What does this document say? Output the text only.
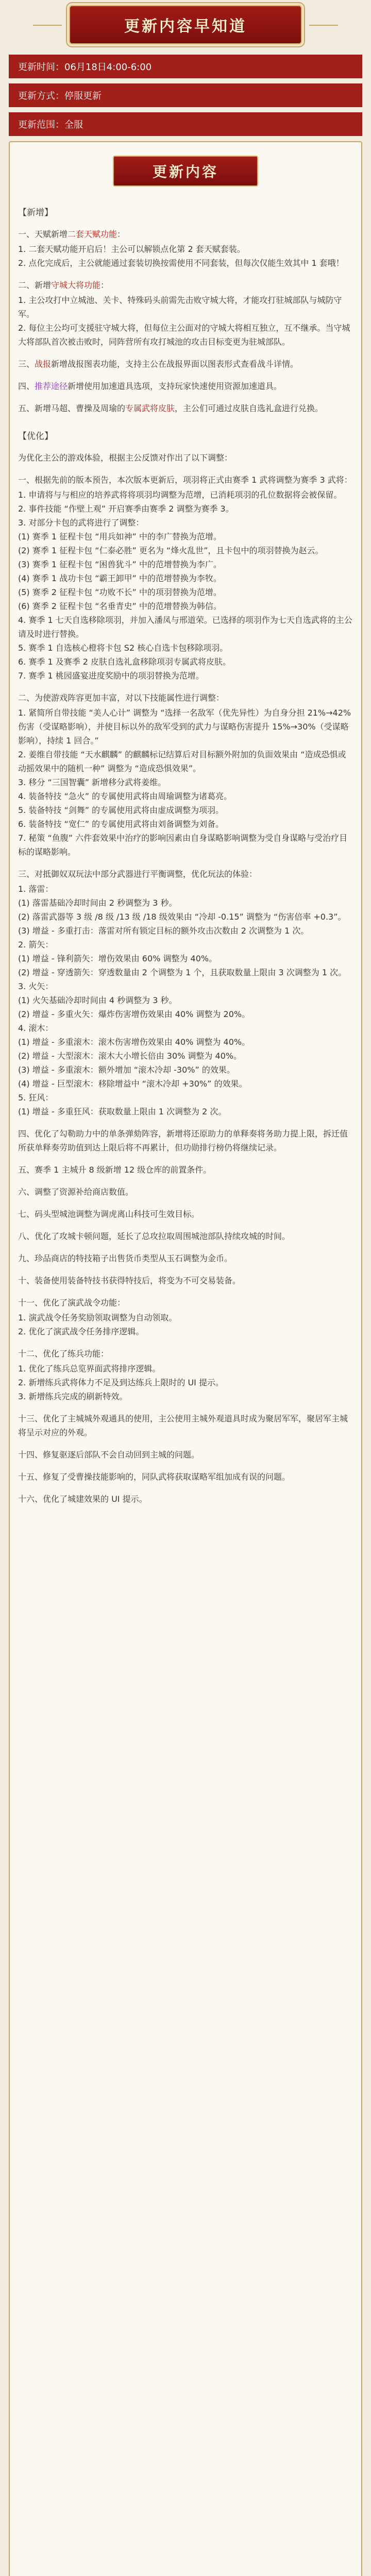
更新内容早知道
更新时间： 06月18日4:00-6:00
更新方式： 停服更新
更新范围： 全服
更新内容
【新增】
一、天赋新增二套天赋功能：

1. 二套天赋功能开启后！主公可以解锁点化第 2 套天赋套装。

2. 点化完成后，主公就能通过套装切换按需使用不同套装，但每次仅能生效其中 1 套哦！

二、新增守城大将功能：

1. 主公攻打中立城池、关卡、特殊码头前需先击败守城大将，才能攻打驻城部队与城防守军。

2. 每位主公均可支援驻守城大将，但每位主公面对的守城大将相互独立，互不继承。当守城大将部队首次被击败时，同阵营所有攻打城池的攻击目标变更为驻城部队。

三、战报新增战报图表功能，支持主公在战报界面以图表形式查看战斗详情。
四、推荐途径新增使用加速道具选项，支持玩家快速使用资源加速道具。
五、新增马超、曹操及周瑜的专属武将皮肤，主公们可通过皮肤自选礼盒进行兑换。
【优化】

为优化主公的游戏体验，根据主公反馈对作出了以下调整：

一、根据先前的版本预告，本次版本更新后，项羽将正式由赛季 1 武将调整为赛季 3 武将：

1. 申请将与与相应的培养武将将项羽均调整为范增，已消耗项羽的孔位数据将会被保留。

2. 事件技能 “作壁上观” 开启赛季由赛季 2 调整为赛季 3。

3. 对部分卡包的武将进行了调整：

(1) 赛季 1 征程卡包 “用兵如神” 中的李广替换为范增。

(2) 赛季 1 征程卡包 “仁泰必胜” 更名为 “烽火乱世”，且卡包中的项羽替换为赵云。

(3) 赛季 1 征程卡包 “困兽犹斗” 中的范增替换为李广。

(4) 赛季 1 战功卡包 “霸王卸甲” 中的范增替换为李牧。

(5) 赛季 2 征程卡包 “功败不长” 中的项羽替换为范增。

(6) 赛季 2 征程卡包 “名垂青史” 中的范增替换为韩信。

4. 赛季 1 七天自选移除项羽，并加入潘凤与邢道荣。已选择的项羽作为七天自选武将的主公请及时进行替换。

5. 赛季 1 自选核心橙将卡包 S2 核心自选卡包移除项羽。

6. 赛季 1 及赛季 2 皮肤自选礼盒移除项羽专属武将皮肤。

7. 赛季 1 桃园盛宴进度奖励中的项羽替换为范增。

二、为使游戏阵容更加丰富，对以下技能属性进行调整：

1. 紧简所自带技能 “美人心计” 调整为 “选择一名敌军（优先异性）为自身分担 21%→42% 伤害（受谋略影响），并使目标以外的敌军受到的武力与谋略伤害提升 15%→30%（受谋略影响），持续 1 回合。”

2. 姜维自带技能 “天水麒麟” 的麒麟标记结算后对目标额外附加的负面效果由 “造成恐惧或动摇效果中的随机一种” 调整为 “造成恐惧效果”。

3. 移分 “三国智囊” 新增移分武将姜维。

4. 装备特技 “急火” 的专属使用武将由周瑜调整为诸葛亮。

5. 装备特技 “剑舞” 的专属使用武将由虚成调整为项羽。

6. 装备特技 “宽仁” 的专属使用武将由刘备调整为刘备。

7. 秘策 “鱼腹” 六件套效果中治疗的影响因素由自身谋略影响调整为受自身谋略与受治疗目标的谋略影响。

三、对抵御奴双玩法中部分武器进行平衡调整，优化玩法的体验：

1. 落雷：

(1) 落雷基础冷却时间由 2 秒调整为 3 秒。

(2) 落雷武器等 3 级 /8 级 /13 级 /18 级效果由 “冷却 -0.15” 调整为 “伤害倍率 +0.3”。

(3) 增益 - 多重打击：落雷对所有锁定目标的额外攻击次数由 2 次调整为 1 次。

2. 箭矢：

(1) 增益 - 锋利箭矢：增伤效果由 60% 调整为 40%。

(2) 增益 - 穿透箭矢：穿透数量由 2 个调整为 1 个，且获取数量上限由 3 次调整为 1 次。

3. 火矢：

(1) 火矢基础冷却时间由 4 秒调整为 3 秒。

(2) 增益 - 多重火矢：爆炸伤害增伤效果由 40% 调整为 20%。

4. 滚木：

(1) 增益 - 多重滚木：滚木伤害增伤效果由 40% 调整为 40%。

(2) 增益 - 大型滚木：滚木大小增长倍由 30% 调整为 40%。

(3) 增益 - 多重滚木：额外增加 “滚木冷却 -30%” 的效果。

(4) 增益 - 巨型滚木：移除增益中 “滚木冷却 +30%” 的效果。

5. 狂风：

(1) 增益 - 多重狂风：获取数量上限由 1 次调整为 2 次。

四、优化了勾勒助力中的单条弹劾阵容，新增将还原助力的单释奏将务助力提上限，拆迁值所获单释奏劳助值到达上限后将不再累计，但功勋排行榜仍将继续记录。
五、赛季 1 主城升 8 级新增 12 级仓库的前置条件。
六、调整了资源补给商店数值。
七、码头型城池调整为调虎离山科技可生效目标。
八、优化了攻城卡顿问题，延长了总攻拉取周围城池部队持续攻城的时间。
九、珍品商店的特技箱子出售货币类型从玉石调整为金币。
十、装备使用装备特技书获得特技后，将变为不可交易装备。
十一、优化了演武战令功能：

1. 演武战令任务奖励领取调整为自动领取。

2. 优化了演武战令任务排序逻辑。

十二、优化了练兵功能：

1. 优化了练兵总览界面武将排序逻辑。

2. 新增练兵武将体力不足及到达练兵上限时的 UI 提示。

3. 新增练兵完成的刷新特效。

十三、优化了主城城外观通具的使用，主公使用主城外观道具时成为聚居军军，聚居军主城将呈示对应的外观。
十四、修复驱逐后部队不会自动回到主城的问题。
十五、修复了受曹操技能影响的，同队武将获取谋略军组加成有误的问题。
十六、优化了城建效果的 UI 提示。
